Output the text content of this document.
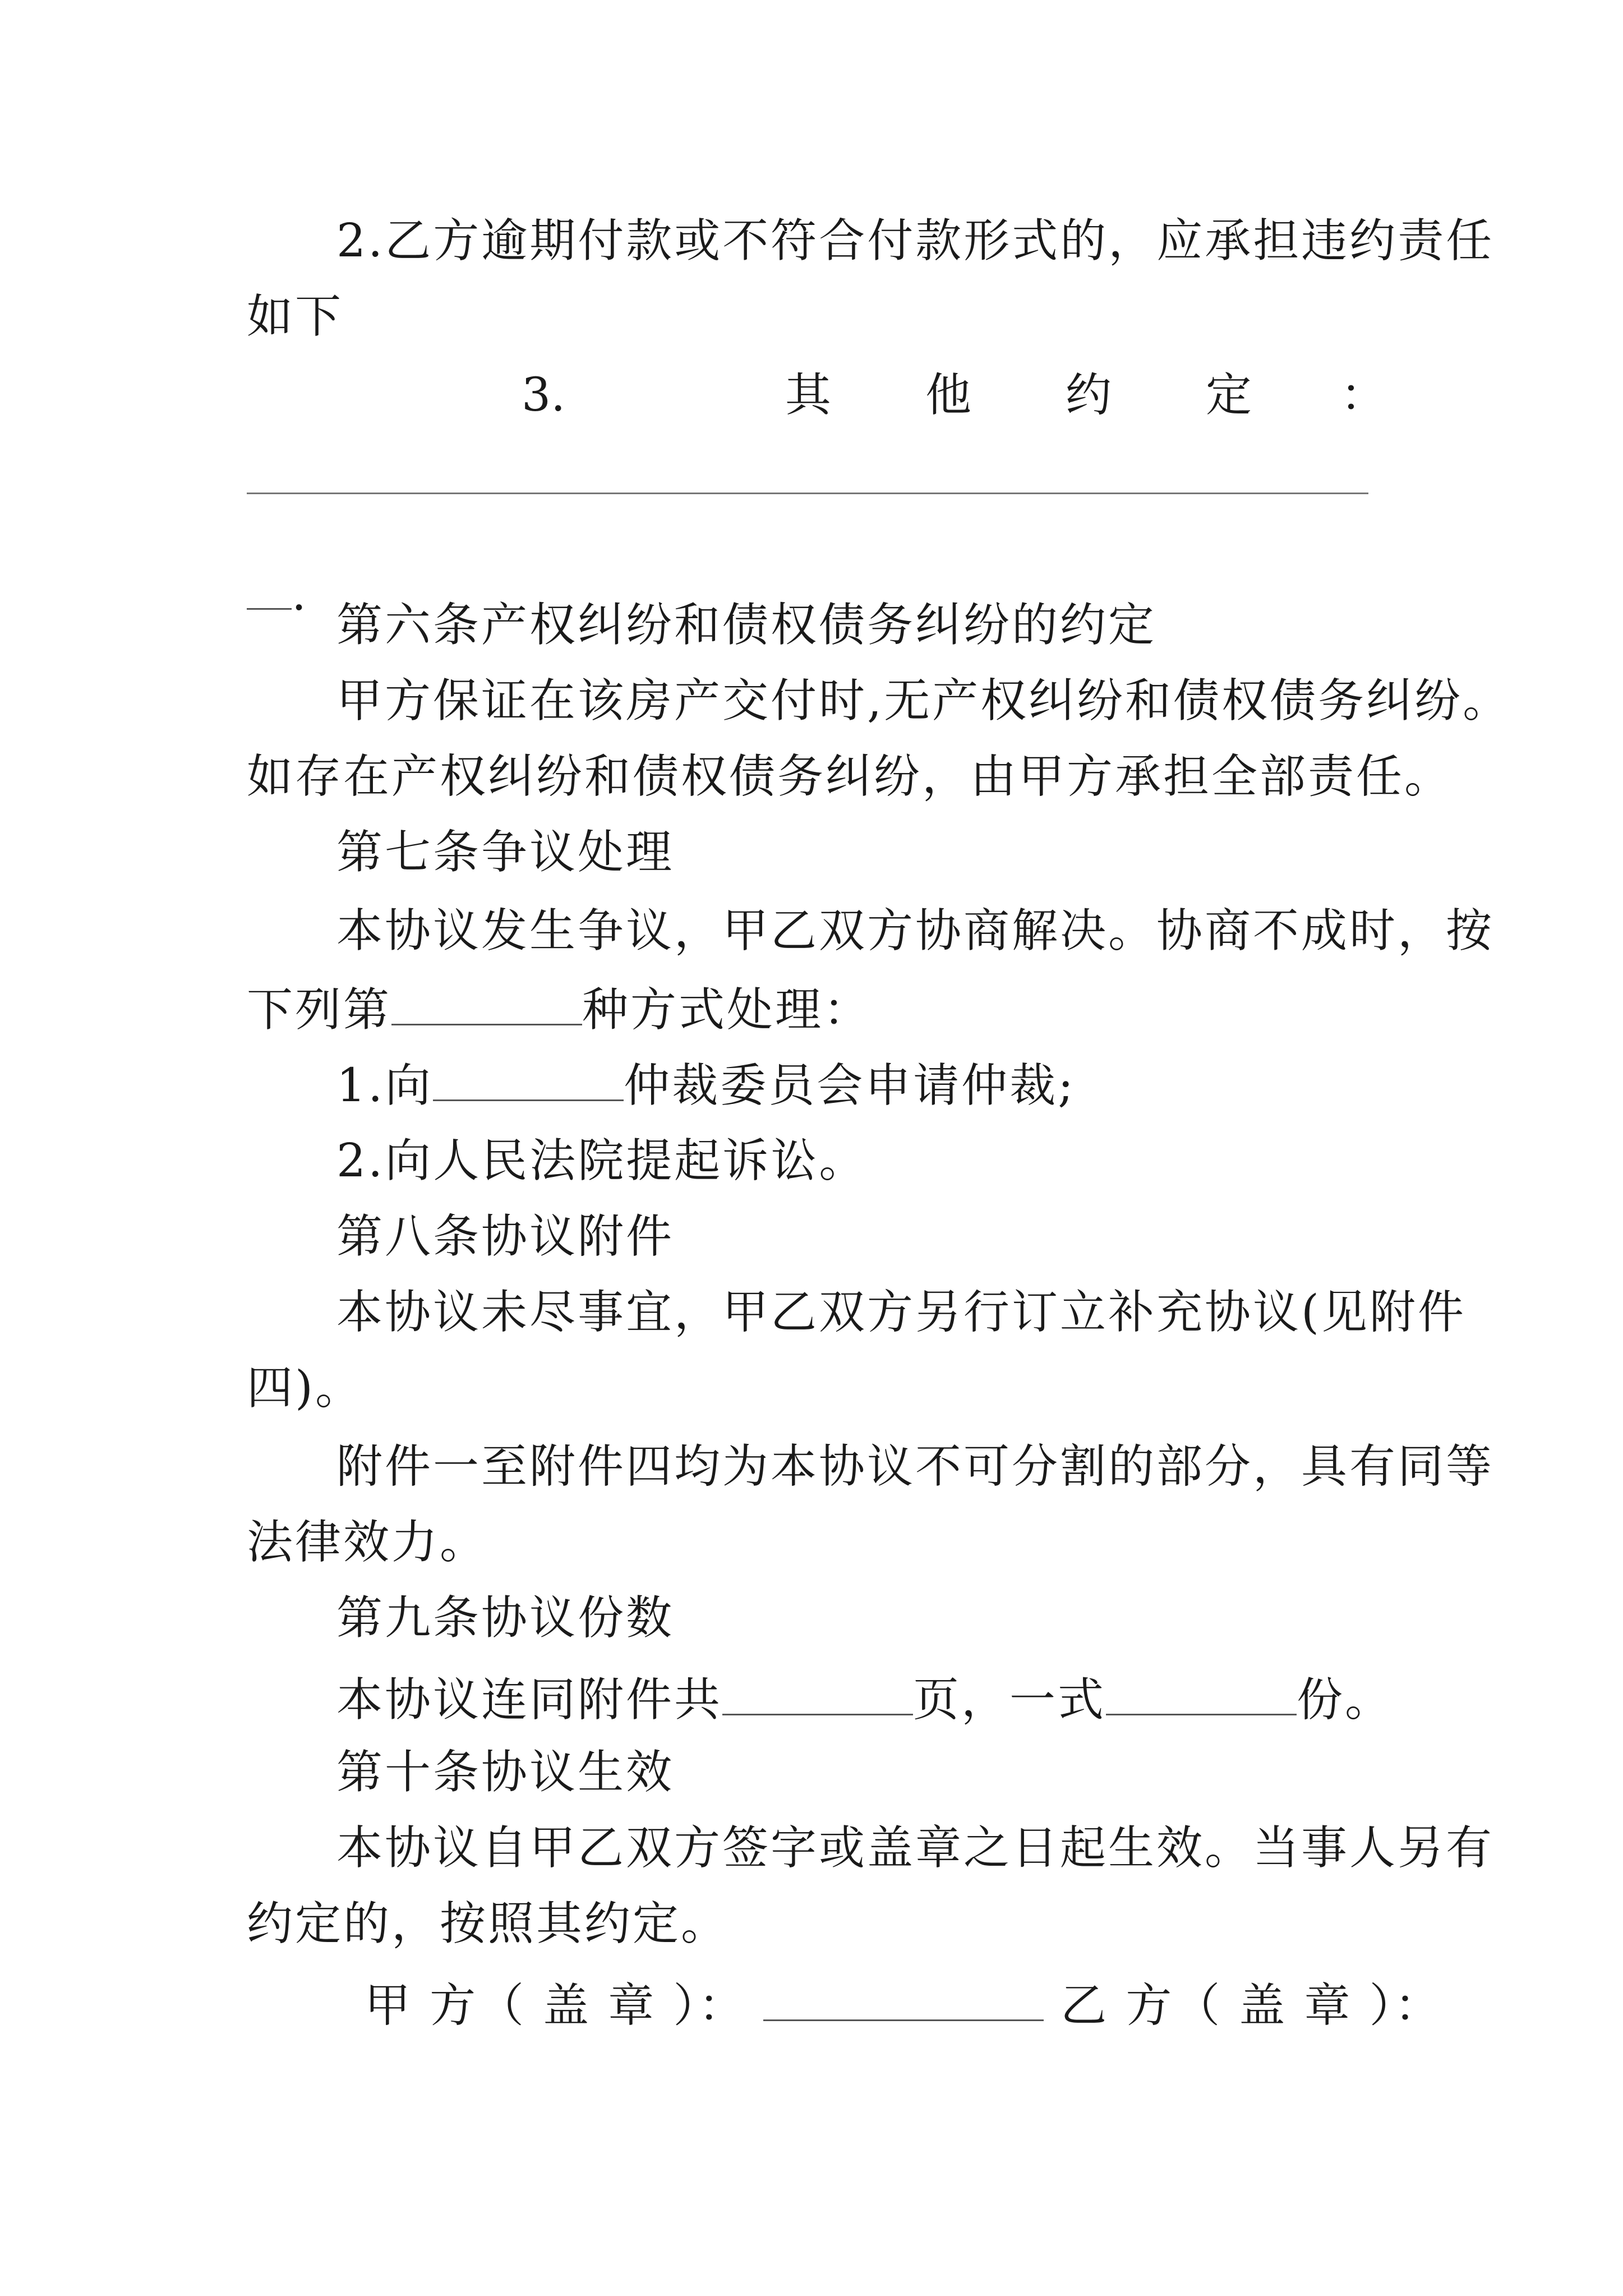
2.乙方逾期付款或不符合付款形式的，应承担违约责任
如下
3.	其 他 约 定 ：
.
第六条产权纠纷和债权债务纠纷的约定
甲方保证在该房产交付时,无产权纠纷和债权债务纠纷。
如存在产权纠纷和债权债务纠纷，由甲方承担全部责任。
第七条争议处理
本协议发生争议，甲乙双方协商解决。协商不成时，按
下列第	种方式处理：
1.向	仲裁委员会申请仲裁;
2.向人民法院提起诉讼。
第八条协议附件
本协议未尽事宜，甲乙双方另行订立补充协议(见附件
四)。
附件一至附件四均为本协议不可分割的部分，具有同等
法律效力。
第九条协议份数
本协议连同附件共	页，一式	份。
第十条协议生效
本协议自甲乙双方签字或盖章之日起生效。当事人另有
约定的，按照其约定。
甲 方（ 盖 章 ）：	乙 方（ 盖 章 ）：
